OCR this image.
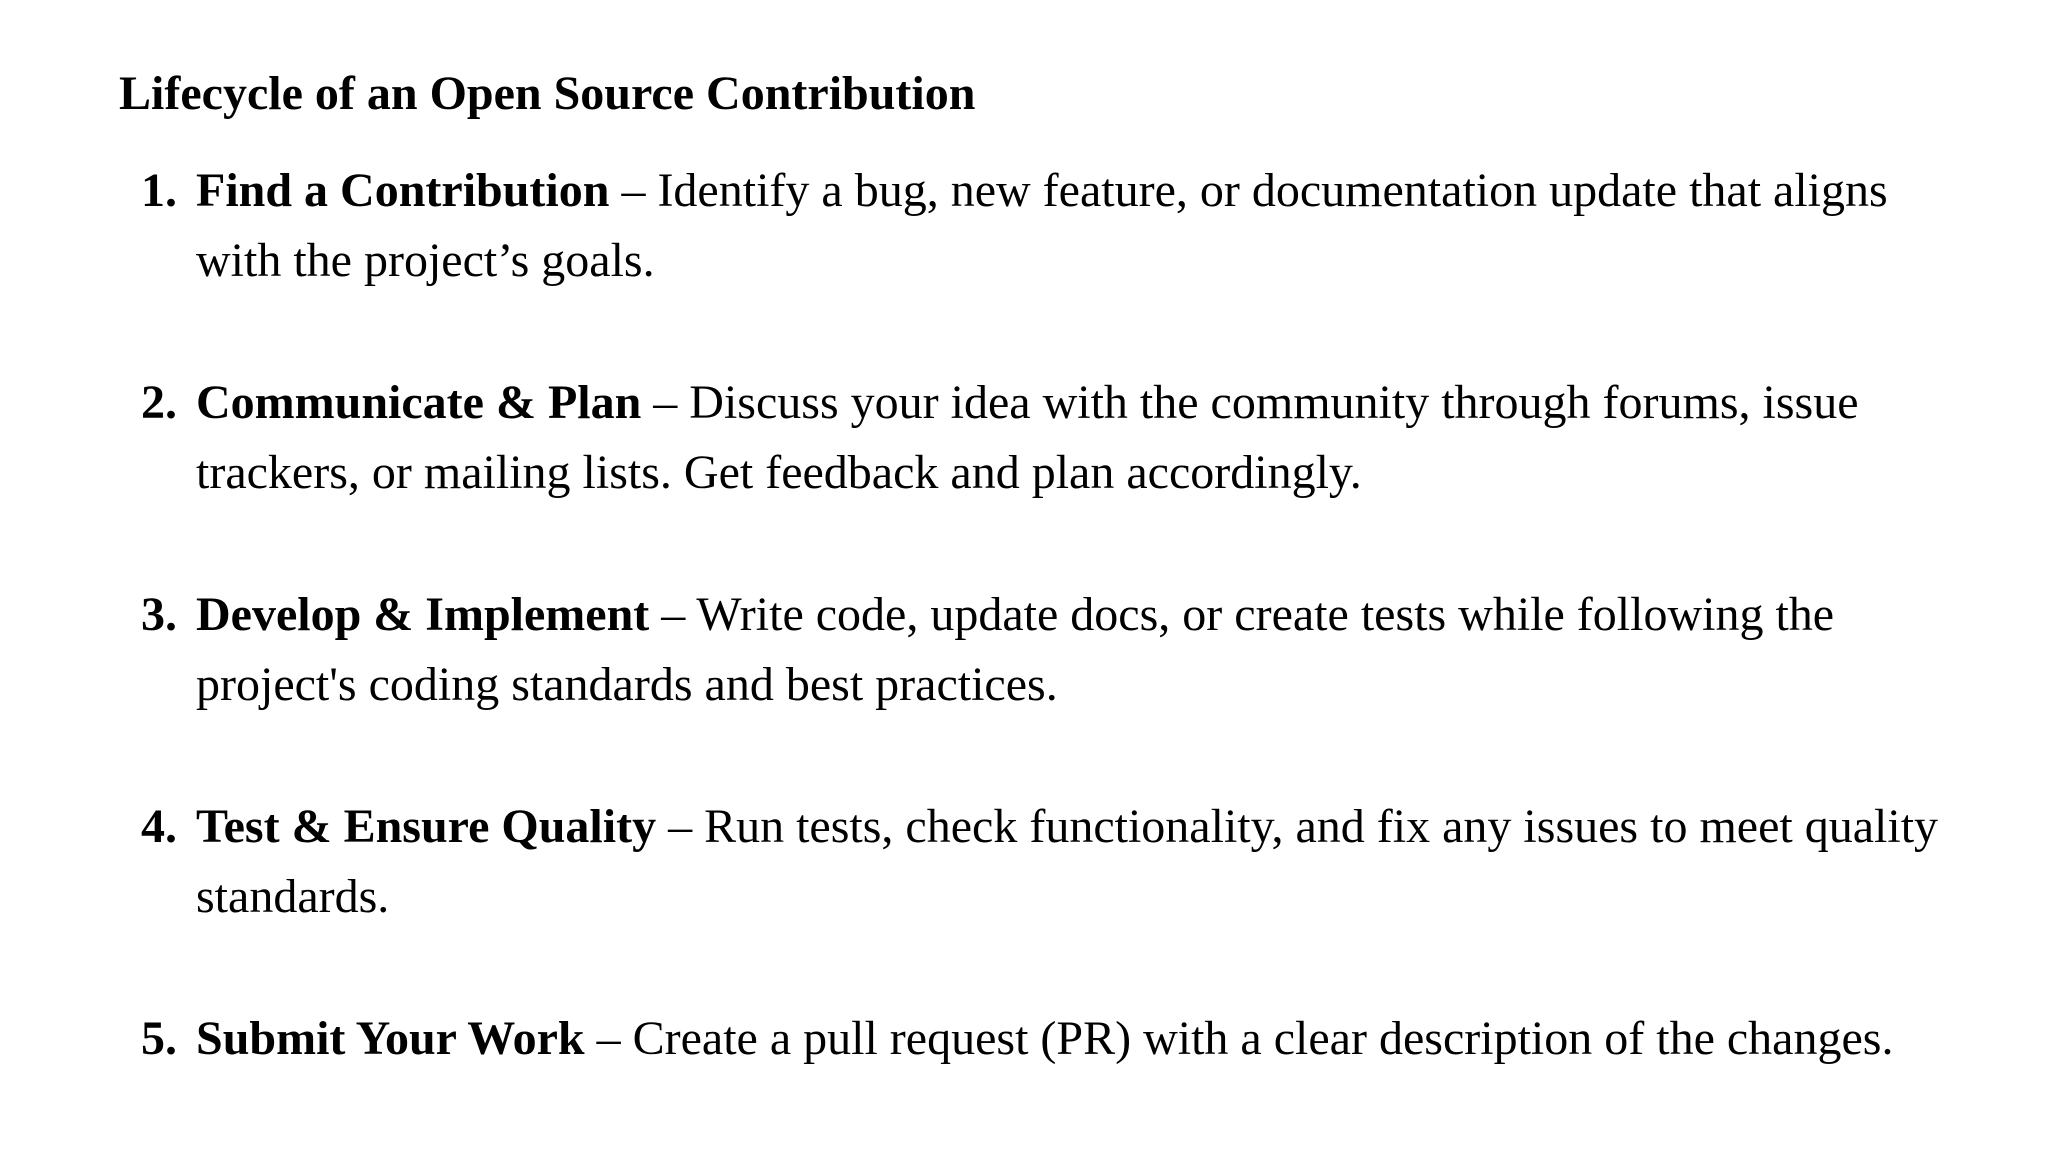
Lifecycle of an Open Source Contribution
1. Find a Contribution – Identify a bug, new feature, or documentation update that aligns with the project’s goals.
2. Communicate & Plan – Discuss your idea with the community through forums, issue trackers, or mailing lists. Get feedback and plan accordingly.
3. Develop & Implement – Write code, update docs, or create tests while following the project's coding standards and best practices.
4. Test & Ensure Quality – Run tests, check functionality, and fix any issues to meet quality standards.
5. Submit Your Work – Create a pull request (PR) with a clear description of the changes.
